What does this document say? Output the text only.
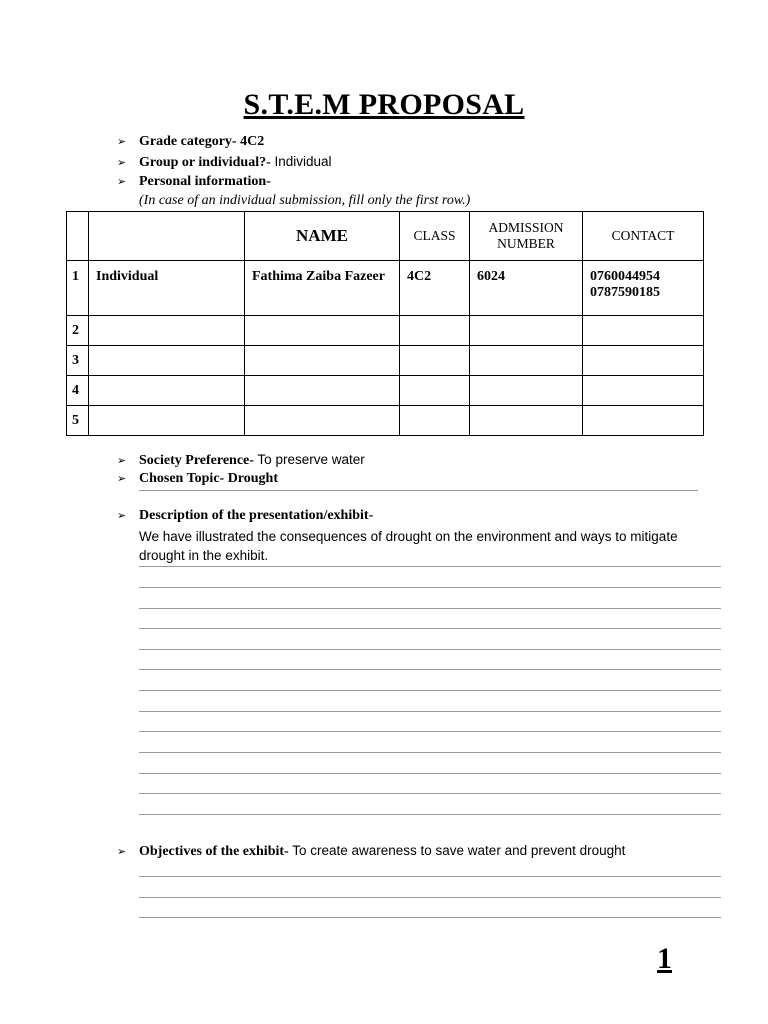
S.T.E.M PROPOSAL
➢ Grade category- 4C2
➢ Group or individual?- Individual
➢ Personal information-
(In case of an individual submission, fill only the first row.)
		NAME	CLASS	ADMISSION NUMBER	CONTACT
1	Individual	Fathima Zaiba Fazeer	4C2	6024	0760044954
0787590185

2					
3					
4					
5					
➢ Society Preference- To preserve water
➢ Chosen Topic- Drought
➢ Description of the presentation/exhibit-
We have illustrated the consequences of drought on the environment and ways to mitigate drought in the exhibit.
➢ Objectives of the exhibit- To create awareness to save water and prevent drought
1
